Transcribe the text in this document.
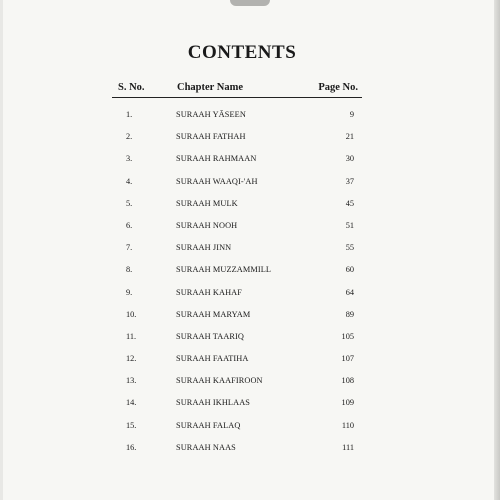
CONTENTS
S. No.	Chapter Name	Page No.
1.	SURAAH YĀSEEN	9
2.	SURAAH FATHAH	21
3.	SURAAH RAHMAAN	30
4.	SURAAH WAAQI-'AH	37
5.	SURAAH MULK	45
6.	SURAAH NOOH	51
7.	SURAAH JINN	55
8.	SURAAH MUZZAMMILL	60
9.	SURAAH KAHAF	64
10.	SURAAH MARYAM	89
11.	SURAAH TAARIQ	105
12.	SURAAH FAATIHA	107
13.	SURAAH KAAFIROON	108
14.	SURAAH IKHLAAS	109
15.	SURAAH FALAQ	110
16.	SURAAH NAAS	111
